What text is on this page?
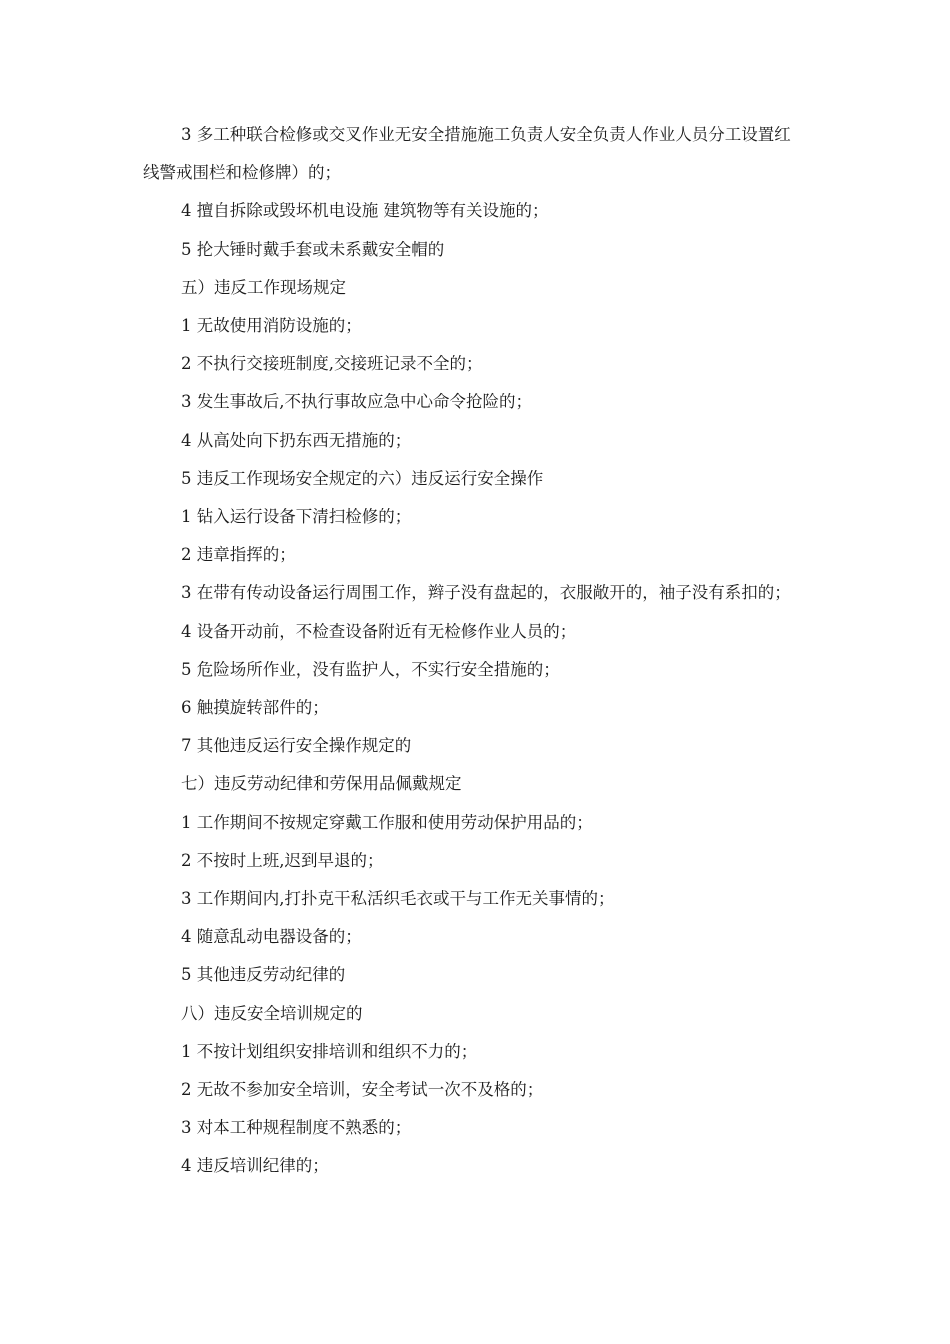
3 多工种联合检修或交叉作业无安全措施施工负责人安全负责人作业人员分工设置红线警戒围栏和检修牌）的；

4 擅自拆除或毁坏机电设施 建筑物等有关设施的；

5 抡大锤时戴手套或未系戴安全帽的

五）违反工作现场规定

1 无故使用消防设施的；

2 不执行交接班制度,交接班记录不全的；

3 发生事故后,不执行事故应急中心命令抢险的；

4 从高处向下扔东西无措施的；

5 违反工作现场安全规定的六）违反运行安全操作

1 钻入运行设备下清扫检修的；

2 违章指挥的；

3 在带有传动设备运行周围工作，辫子没有盘起的，衣服敞开的，袖子没有系扣的；

4 设备开动前，不检查设备附近有无检修作业人员的；

5 危险场所作业，没有监护人，不实行安全措施的；

6 触摸旋转部件的；

7 其他违反运行安全操作规定的

七）违反劳动纪律和劳保用品佩戴规定

1 工作期间不按规定穿戴工作服和使用劳动保护用品的；

2 不按时上班,迟到早退的；

3 工作期间内,打扑克干私活织毛衣或干与工作无关事情的；

4 随意乱动电器设备的；

5 其他违反劳动纪律的

八）违反安全培训规定的

1 不按计划组织安排培训和组织不力的；

2 无故不参加安全培训，安全考试一次不及格的；

3 对本工种规程制度不熟悉的；

4 违反培训纪律的；
